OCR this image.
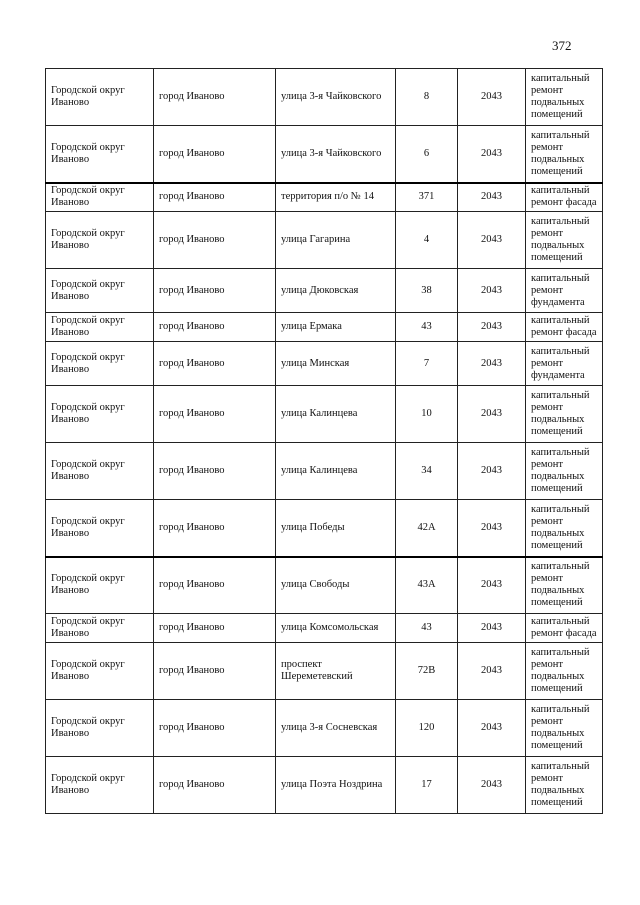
372
Городской округ Иваново	город Иваново	улица 3-я Чайковского	8	2043	капитальный ремонт подвальных помещений
Городской округ Иваново	город Иваново	улица 3-я Чайковского	6	2043	капитальный ремонт подвальных помещений
Городской округ Иваново	город Иваново	территория п/о № 14	371	2043	капитальный ремонт фасада
Городской округ Иваново	город Иваново	улица Гагарина	4	2043	капитальный ремонт подвальных помещений
Городской округ Иваново	город Иваново	улица Дюковская	38	2043	капитальный ремонт фундамента
Городской округ Иваново	город Иваново	улица Ермака	43	2043	капитальный ремонт фасада
Городской округ Иваново	город Иваново	улица Минская	7	2043	капитальный ремонт фундамента
Городской округ Иваново	город Иваново	улица Калинцева	10	2043	капитальный ремонт подвальных помещений
Городской округ Иваново	город Иваново	улица Калинцева	34	2043	капитальный ремонт подвальных помещений
Городской округ Иваново	город Иваново	улица Победы	42А	2043	капитальный ремонт подвальных помещений
Городской округ Иваново	город Иваново	улица Свободы	43А	2043	капитальный ремонт подвальных помещений
Городской округ Иваново	город Иваново	улица Комсомольская	43	2043	капитальный ремонт фасада
Городской округ Иваново	город Иваново	проспект Шереметевский	72В	2043	капитальный ремонт подвальных помещений
Городской округ Иваново	город Иваново	улица 3-я Сосневская	120	2043	капитальный ремонт подвальных помещений
Городской округ Иваново	город Иваново	улица Поэта Ноздрина	17	2043	капитальный ремонт подвальных помещений
